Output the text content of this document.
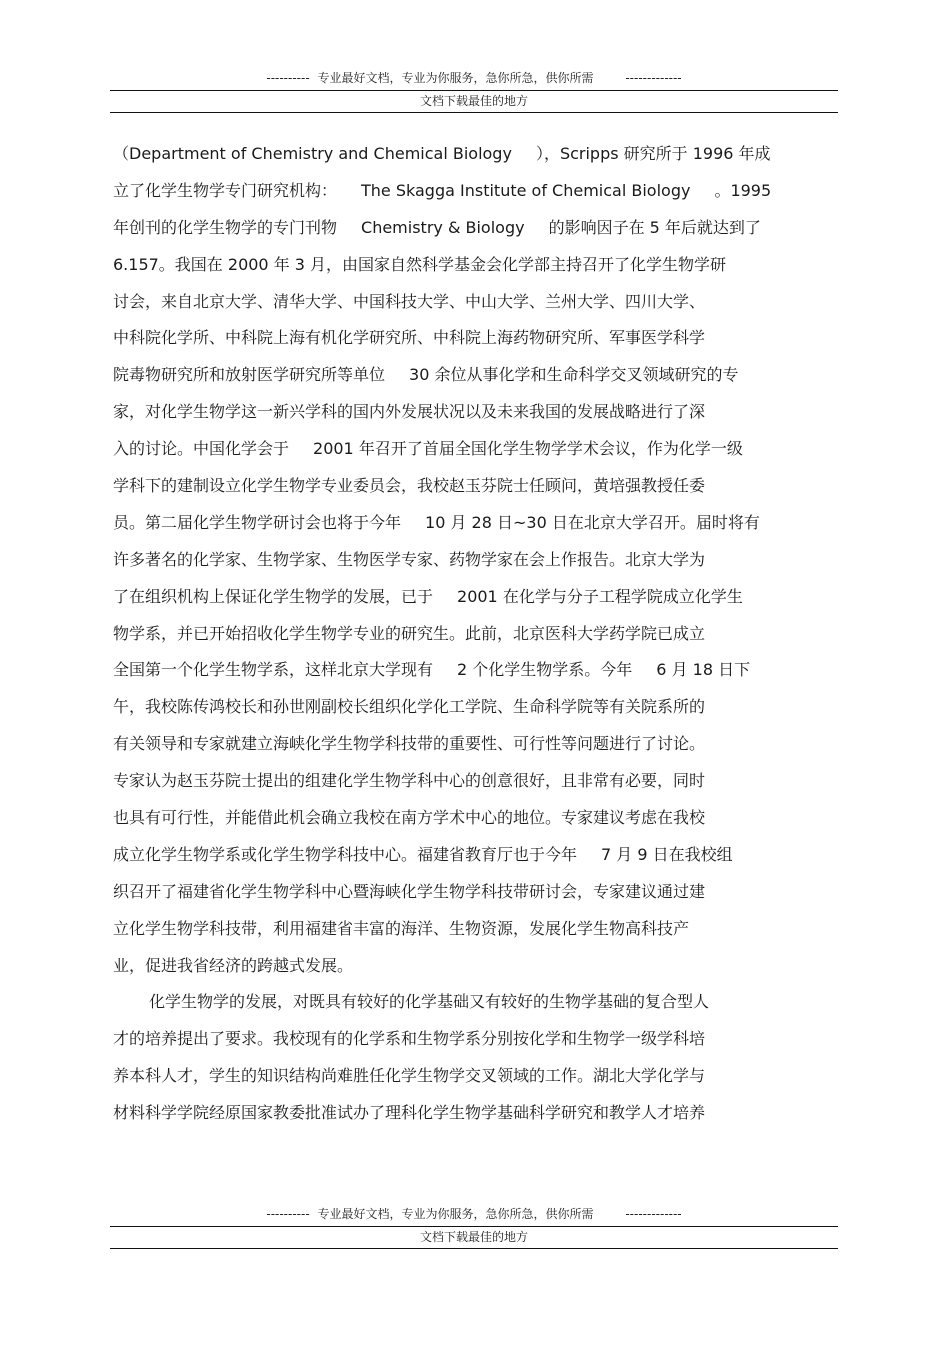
---------- 专业最好文档，专业为你服务，急你所急，供你所需	-------------
文档下载最佳的地方
（Department of Chemistry and Chemical Biology ），Scripps 研究所于 1996 年成
立了化学生物学专门研究机构： The Skagga Institute of Chemical Biology 。1995
年创刊的化学生物学的专门刊物 Chemistry & Biology 的影响因子在 5 年后就达到了
6.157。我国在 2000 年 3 月，由国家自然科学基金会化学部主持召开了化学生物学研
讨会，来自北京大学、清华大学、中国科技大学、中山大学、兰州大学、四川大学、
中科院化学所、中科院上海有机化学研究所、中科院上海药物研究所、军事医学科学
院毒物研究所和放射医学研究所等单位 30 余位从事化学和生命科学交叉领域研究的专
家，对化学生物学这一新兴学科的国内外发展状况以及未来我国的发展战略进行了深
入的讨论。中国化学会于 2001 年召开了首届全国化学生物学学术会议，作为化学一级
学科下的建制设立化学生物学专业委员会，我校赵玉芬院士任顾问，黄培强教授任委
员。第二届化学生物学研讨会也将于今年 10 月 28 日~30 日在北京大学召开。届时将有
许多著名的化学家、生物学家、生物医学专家、药物学家在会上作报告。北京大学为
了在组织机构上保证化学生物学的发展，已于 2001 在化学与分子工程学院成立化学生
物学系，并已开始招收化学生物学专业的研究生。此前，北京医科大学药学院已成立
全国第一个化学生物学系，这样北京大学现有 2 个化学生物学系。今年 6 月 18 日下
午，我校陈传鸿校长和孙世刚副校长组织化学化工学院、生命科学院等有关院系所的
有关领导和专家就建立海峡化学生物学科技带的重要性、可行性等问题进行了讨论。
专家认为赵玉芬院士提出的组建化学生物学科中心的创意很好，且非常有必要，同时
也具有可行性，并能借此机会确立我校在南方学术中心的地位。专家建议考虑在我校
成立化学生物学系或化学生物学科技中心。福建省教育厅也于今年 7 月 9 日在我校组
织召开了福建省化学生物学科中心暨海峡化学生物学科技带研讨会，专家建议通过建
立化学生物学科技带，利用福建省丰富的海洋、生物资源，发展化学生物高科技产
业，促进我省经济的跨越式发展。
化学生物学的发展，对既具有较好的化学基础又有较好的生物学基础的复合型人
才的培养提出了要求。我校现有的化学系和生物学系分别按化学和生物学一级学科培
养本科人才，学生的知识结构尚难胜任化学生物学交叉领域的工作。湖北大学化学与
材料科学学院经原国家教委批准试办了理科化学生物学基础科学研究和教学人才培养
---------- 专业最好文档，专业为你服务，急你所急，供你所需	-------------
文档下载最佳的地方
